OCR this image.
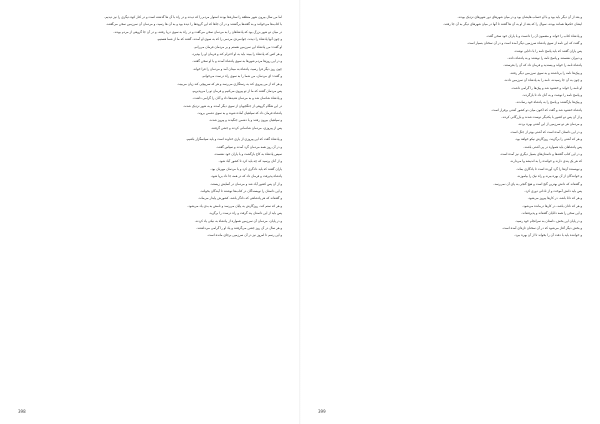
اما من سال بیرون شهر منطقه را ستاره‌ها بودند استوار مردم را که دیدند و در راه با آن ها گذشته است و در کنار کوه دیگری را نیز دیدیم.

با کتاب‌ها می‌خوانند و به گفته‌ها برگشتند و در آن جاها که این گروه‌ها را دیده بود و به آن ها رسید، و مردمان آن سرزمین سخن می‌گفتند.

در میان دو شهر بزرگ بود که پادشاهان را به مردمان سخن می‌گفت و در راه به سوی دریا رفتند، و در آن جا گروهی از مردم بودند.

و چون آنها پادشاه را دیدند، جوانمردی مردمی را که به سوی او آمدند، گفتند که ما از شما هستیم.

او گفت: من پادشاه این سرزمین هستم و بر مردمان فرمان می‌رانم.

و هر کس که پادشاه را ببیند باید به او احترام کند و فرمان او را بپذیرد.

و در این روزها مردم شهرها به سوی پادشاه آمدند و با او سخن گفتند.

چون روز دیگر فرا رسید، پادشاه به میدان آمد و مردمان را فرا خواند.

و گفت: ای مردمان، من شما را به سوی راه درست می‌خوانم.

و هر که از من پیروی کند به رستگاری می‌رسد و هر که سرپیچی کند زیان می‌بیند.

پس مردمان گفتند که ما از تو پیروی می‌کنیم و فرمان تو را می‌پذیریم.

و پادشاه شادمان شد و به مردمان هدیه‌ها داد و آنان را گرامی داشت.

در این هنگام گروهی از جنگجویان از سوی دیگر آمدند و به شهر نزدیک شدند.

پادشاه فرمان داد که سپاهیان آماده شوند و به سوی دشمن بروند.

و سپاهیان بیرون رفتند و با دشمن جنگیدند و پیروز شدند.

پس از پیروزی، مردمان شادمانی کردند و جشن گرفتند.

و پادشاه گفت که این پیروزی از یاری خداوند است و باید سپاسگزار باشیم.

و در آن روز همه مردمان گرد آمدند و سپاس گفتند.

سپس پادشاه به کاخ بازگشت و با یاران خود نشست.

و از آنان پرسید که چه باید کرد تا کشور آباد شود.

یاران گفتند که باید دادگری کرد و با مردمان مهربان بود.

پادشاه پذیرفت و فرمان داد که در همه جا داد برپا شود.

و از آن پس کشور آباد شد و مردمان در آسایش زیستند.

و این داستان را نویسندگان در کتاب‌ها نوشتند تا آیندگان بخوانند.

و گفته‌اند که هر پادشاهی که دادگر باشد، کشورش پایدار می‌ماند.

و هر که ستم کند، روزگارش به پایان می‌رسد و نامش به بدی یاد می‌شود.

پس باید از این داستان پند گرفت و راه درست را برگزید.

و در پایان، مردمان آن سرزمین همواره از پادشاه به نیکی یاد کردند.

و هر سال در آن روز جشن می‌گرفتند و یاد او را گرامی می‌داشتند.

و این رسم تا امروز نیز در آن سرزمین برجای مانده است.

398

و بعد از آن دیگر باید بود و با او حساب هایشان بود و در میان شهرهای دور شهرهای نزدیک بودند.

ایشان حکم‌ها همانند بودند، سوال را که بعد از او به آن ها گفتند تا آنها در میان شهرهای دیگر به آن جا رفتند.

و پادشاه کتاب را خواند و مضمون آن را دانست و با یاران خود سخن گفت.

و گفت که این نامه از سوی پادشاه سرزمین دیگر آمده است و در آن سخنان بسیار است.

پس یاران گفتند که باید پاسخ نامه را با دانایی نوشت.

و دبیران نشستند و پاسخ نامه را نوشتند و به پادشاه دادند.

پادشاه نامه را خواند و پسندید و فرمان داد که آن را بفرستند.

و پیک‌ها نامه را برداشتند و به سوی سرزمین دیگر رفتند.

و چون به آن جا رسیدند، نامه را به پادشاه آن سرزمین دادند.

او نامه را خواند و خشنود شد و پیک‌ها را گرامی داشت.

و پاسخ نامه را نوشت و به آنان داد تا بازگردند.

و پیک‌ها بازگشتند و پاسخ را به پادشاه خود رساندند.

پادشاه خشنود شد و گفت که اکنون میان دو کشور آشتی برقرار است.

و از آن پس دو کشور با یکدیگر دوست شدند و بازرگانی کردند.

و مردمان هر دو سرزمین از این آشتی بهره بردند.

و در این داستان آمده است که آشتی بهتر از جنگ است.

و هر که آشتی را برگزیند، روزگارش نیکو خواهد بود.

پس پادشاهان باید همواره در پی آشتی باشند.

و در این کتاب گفته‌ها و داستان‌های بسیار دیگری نیز آمده است.

که هر یک پندی دارند و خواننده را به اندیشه وا می‌دارند.

و نویسنده آن‌ها را گرد آورده است تا یادگاری بماند.

و خوانندگان از آن بهره ببرند و راه نیک را بیاموزند.

و گفته‌اند که دانش بهترین گنج است و هیچ گنجی به پای آن نمی‌رسد.

پس باید دانش آموخت و از نادانی دوری کرد.

و هر که دانا باشد، در کارها پیروز می‌شود.

و هر که نادان باشد، در کارها درمانده می‌شود.

و این سخن را همه دانایان گفته‌اند و پذیرفته‌اند.

و در پایان این بخش، داستان به سرانجام خود رسید.

و بخش دیگر آغاز می‌شود که در آن سخنان تازه‌ای آمده است.

و خواننده باید با دقت آن را بخواند تا از آن بهره ببرد.

399
